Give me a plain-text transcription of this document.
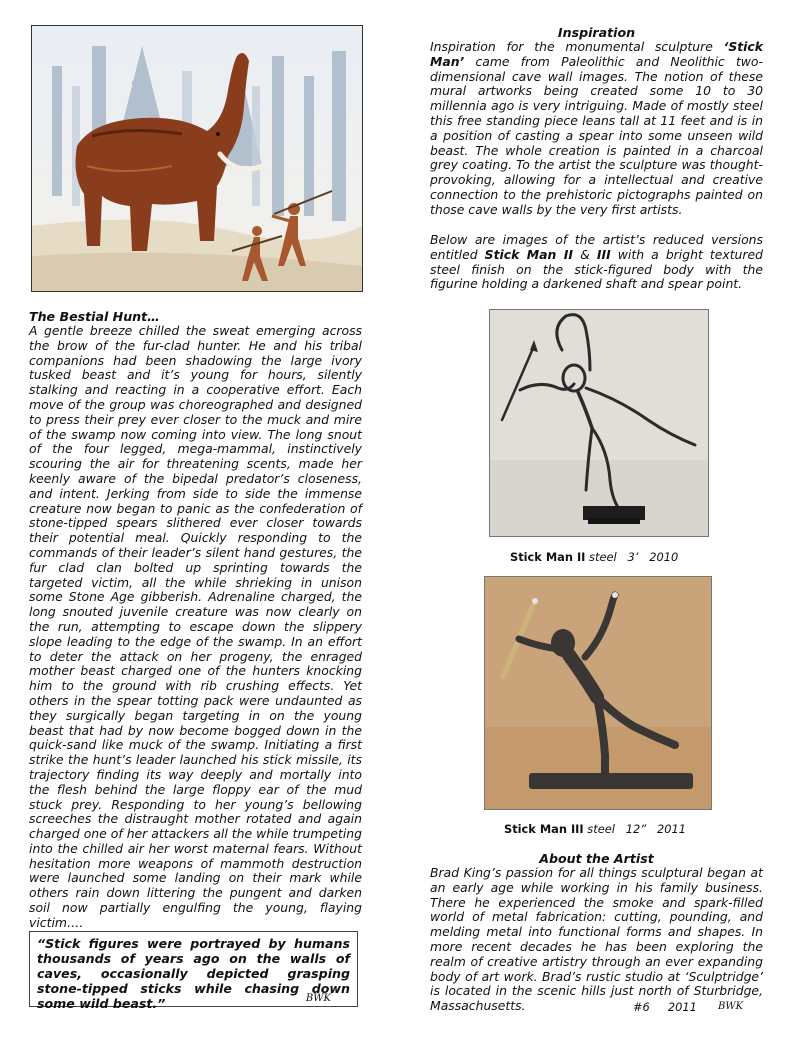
Inspiration
Inspiration for the monumental sculpture ‘Stick Man’ came from Paleolithic and Neolithic two-dimensional cave wall images. The notion of these mural artworks being created some 10 to 30 millennia ago is very intriguing. Made of mostly steel this free standing piece leans tall at 11 feet and is in a position of casting a spear into some unseen wild beast. The whole creation is painted in a charcoal grey coating. To the artist the sculpture was thought-provoking, allowing for a intellectual and creative connection to the prehistoric pictographs painted on those cave walls by the very first artists.
Below are images of the artist’s reduced versions entitled Stick Man II & III with a bright textured steel finish on the stick-figured body with the figurine holding a darkened shaft and spear point.
The Bestial Hunt…
A gentle breeze chilled the sweat emerging across the brow of the fur-clad hunter. He and his tribal companions had been shadowing the large ivory tusked beast and it’s young for hours, silently stalking and reacting in a cooperative effort. Each move of the group was choreographed and designed to press their prey ever closer to the muck and mire of the swamp now coming into view. The long snout of the four legged, mega-mammal, instinctively scouring the air for threatening scents, made her keenly aware of the bipedal predator’s closeness, and intent. Jerking from side to side the immense creature now began to panic as the confederation of stone-tipped spears slithered ever closer towards their potential meal. Quickly responding to the commands of their leader’s silent hand gestures, the fur clad clan bolted up sprinting towards the targeted victim, all the while shrieking in unison some Stone Age gibberish. Adrenaline charged, the long snouted juvenile creature was now clearly on the run, attempting to escape down the slippery slope leading to the edge of the swamp. In an effort to deter the attack on her progeny, the enraged mother beast charged one of the hunters knocking him to the ground with rib crushing effects. Yet others in the spear totting pack were undaunted as they surgically began targeting in on the young beast that had by now become bogged down in the quick-sand like muck of the swamp. Initiating a first strike the hunt’s leader launched his stick missile, its trajectory finding its way deeply and mortally into the flesh behind the large floppy ear of the mud stuck prey. Responding to her young’s bellowing screeches the distraught mother rotated and again charged one of her attackers all the while trumpeting into the chilled air her worst maternal fears. Without hesitation more weapons of mammoth destruction were launched some landing on their mark while others rain down littering the pungent and darken soil now partially engulfing the young, flaying victim….
“Stick figures were portrayed by humans thousands of years ago on the walls of caves, occasionally depicted grasping stone-tipped sticks while chasing down some wild beast.”	BWK
Stick Man II steel   3’   2010
Stick Man III steel   12”   2011
About the Artist
Brad King’s passion for all things sculptural began at an early age while working in his family business. There he experienced the smoke and spark-filled world of metal fabrication: cutting, pounding, and melding metal into functional forms and shapes. In more recent decades he has been exploring the realm of creative artistry through an ever expanding body of art work. Brad’s rustic studio at ‘Sculptridge’ is located in the scenic hills just north of Sturbridge, Massachusetts.	#6     2011 BWK
